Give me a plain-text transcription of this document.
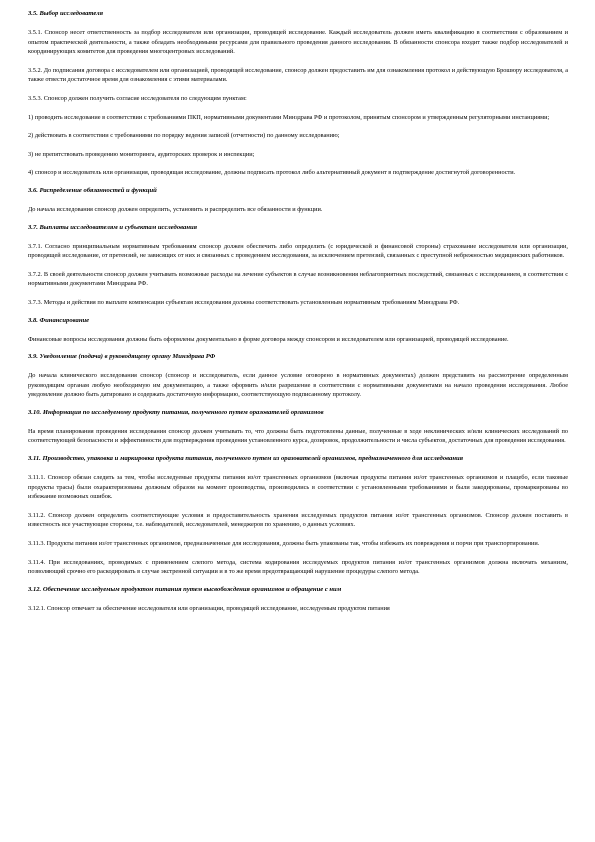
3.5. Выбор исследователя

3.5.1. Спонсор несет ответственность за подбор исследователя или организации, проводящей исследование. Каждый исследователь должен иметь квалификацию в соответствии с образованием и опытом практической деятельности, а также обладать необходимыми ресурсами для правильного проведения данного исследования. В обязанности спонсора входит также подбор исследователей и координирующих комитетов для проведения многоцентровых исследований.

3.5.2. До подписания договора с исследователем или организацией, проводящей исследование, спонсор должен предоставить им для ознакомления протокол и действующую Брошюру исследователя, а также отвести достаточное время для ознакомления с этими материалами.

3.5.3. Спонсор должен получить согласие исследователя по следующим пунктам:

1) проводить исследование в соответствии с требованиями ПКП, нормативными документами Минздрава РФ и протоколом, принятым спонсором и утвержденным регуляторными инстанциями;

2) действовать в соответствии с требованиями по порядку ведения записей (отчетности) по данному исследованию;

3) не препятствовать проведению мониторинга, аудиторских проверок и инспекции;

4) спонсор и исследователь или организация, проводящая исследование, должны подписать протокол либо альтернативный документ в подтверждение достигнутой договоренности.

3.6. Распределение обязанностей и функций

До начала исследования спонсор должен определить, установить и распределить все обязанности и функции.

3.7. Выплаты исследователям и субъектам исследования

3.7.1. Согласно принципиальным нормативным требованиям спонсор должен обеспечить либо определить (с юридической и финансовой стороны) страхование исследователя или организации, проводящей исследование, от претензий, не зависящих от них и связанных с проведением исследования, за исключением претензий, связанных с преступной небрежностью медицинских работников.

3.7.2. В своей деятельности спонсор должен учитывать возможные расходы на лечение субъектов в случае возникновения неблагоприятных последствий, связанных с исследованием, в соответствии с нормативными документами Минздрава РФ.

3.7.3. Методы и действия по выплате компенсации субъектам исследования должны соответствовать установленным нормативным требованиям Минздрава РФ.

3.8. Финансирование

Финансовые вопросы исследования должны быть оформлены документально в форме договора между спонсором и исследователем или организацией, проводящей исследование.

3.9. Уведомление (подача) в руководящему органу Минздрава РФ

До начала клинического исследования спонсор (спонсор и исследователь, если данное условие оговорено в нормативных документах) должен представить на рассмотрение определенным руководящим органам любую необходимую им документацию, а также оформить и/или разрешение в соответствии с нормативными документами на начало проведения исследования. Любое уведомление должно быть датировано и содержать достаточную информацию, соответствующую подписанному протоколу.

3.10. Информация по исследуемому продукту питания, полученного путем оразователей организмов

На время планирования проведения исследования спонсор должен учитывать то, что должны быть подготовлены данные, полученные в ходе неклинических и/или клинических исследований по соответствующей безопасности и эффективности для подтверждения проведения установленного курса, дозировок, продолжительности и числа субъектов, достаточных для проведения исследования.

3.11. Производство, упаковка и маркировка продукта питания, полученного путем из оразователей организмов, предназначенного для исследования

3.11.1. Спонсор обязан следить за тем, чтобы исследуемые продукты питания из/от трансгенных организмов (включая продукты питания из/от трансгенных организмов и плацебо, если таковые продукты трасы) были охарактеризованы должным образом на момент производства, производились в соответствии с установленными требованиями и были закодированы, промаркированы во избежание возможных ошибок.

3.11.2. Спонсор должен определить соответствующие условия и предоставительность хранения исследуемых продуктов питания из/от трансгенных организмов. Спонсор должен поставить в известность все участвующие стороны, т.е. наблюдателей, исследователей, менеджеров по хранению, о данных условиях.

3.11.3. Продукты питания из/от трансгенных организмов, предназначенные для исследования, должны быть упакованы так, чтобы избежать их повреждения и порчи при транспортировании.

3.11.4. При исследованиях, проводимых с применением слепого метода, система кодирования исследуемых продуктов питания из/от трансгенных организмов должна включать механизм, позволяющий срочно его раскодировать в случае экстренной ситуации и в то же время предотвращающий нарушение процедуры слепого метода.

3.12. Обеспечение исследуемым продуктом питания путем высвобождения организмов и обращение с ним

3.12.1. Спонсор отвечает за обеспечение исследователя или организации, проводящей исследование, исследуемым продуктом питания
